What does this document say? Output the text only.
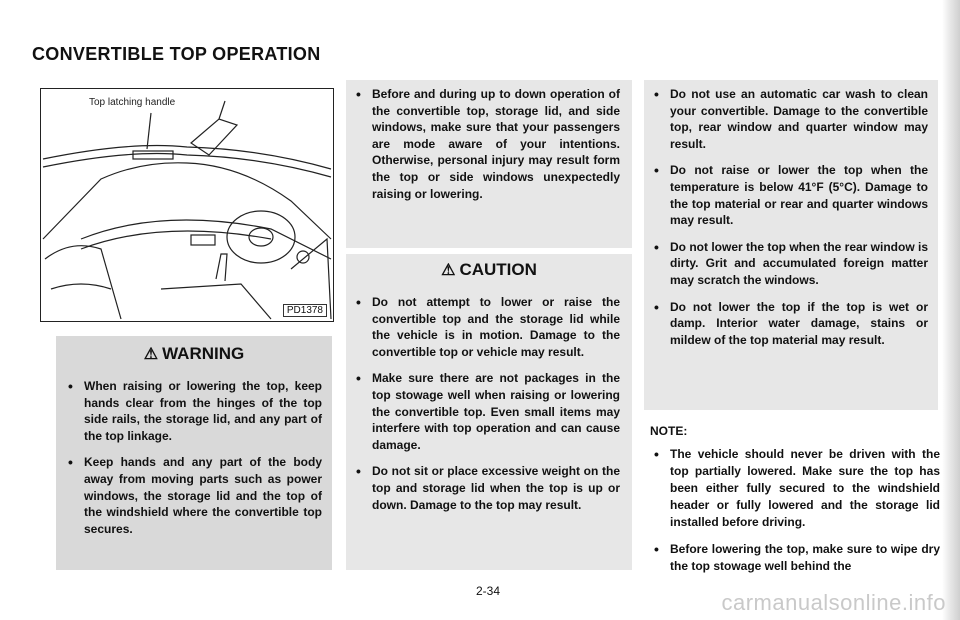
CONVERTIBLE TOP OPERATION
Top latching handle
PD1378
⚠ WARNING
• When raising or lowering the top, keep hands clear from the hinges of the top side rails, the storage lid, and any part of the top linkage.
• Keep hands and any part of the body away from moving parts such as power windows, the storage lid and the top of the windshield where the convertible top secures.
• Before and during up to down operation of the convertible top, storage lid, and side windows, make sure that your passengers are mode aware of your intentions. Otherwise, personal injury may result form the top or side windows unexpectedly raising or lowering.
⚠ CAUTION
• Do not attempt to lower or raise the convertible top and the storage lid while the vehicle is in motion. Damage to the convertible top or vehicle may result.
• Make sure there are not packages in the top stowage well when raising or lowering the convertible top. Even small items may interfere with top operation and can cause damage.
• Do not sit or place excessive weight on the top and storage lid when the top is up or down. Damage to the top may result.
• Do not use an automatic car wash to clean your convertible. Damage to the convertible top, rear window and quarter window may result.
• Do not raise or lower the top when the temperature is below 41°F (5°C). Damage to the top material or rear and quarter windows may result.
• Do not lower the top when the rear window is dirty. Grit and accumulated foreign matter may scratch the windows.
• Do not lower the top if the top is wet or damp. Interior water damage, stains or mildew of the top material may result.
NOTE:
• The vehicle should never be driven with the top partially lowered. Make sure the top has been either fully secured to the windshield header or fully lowered and the storage lid installed before driving.
• Before lowering the top, make sure to wipe dry the top stowage well behind the
2-34	carmanualsonline.info
